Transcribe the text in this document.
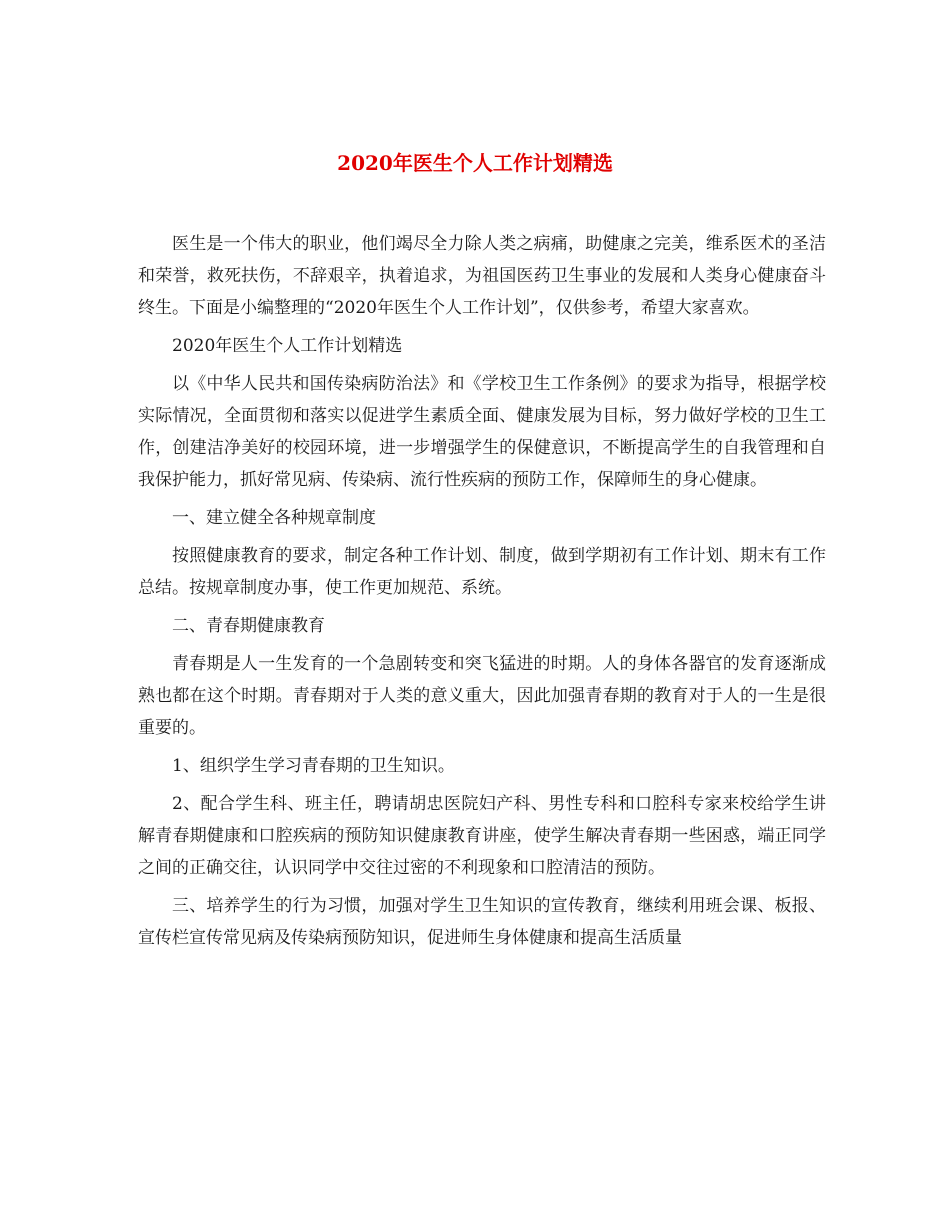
2020年医生个人工作计划精选

医生是一个伟大的职业，他们竭尽全力除人类之病痛，助健康之完美，维系医术的圣洁和荣誉，救死扶伤，不辞艰辛，执着追求，为祖国医药卫生事业的发展和人类身心健康奋斗终生。下面是小编整理的“2020年医生个人工作计划”，仅供参考，希望大家喜欢。

2020年医生个人工作计划精选

以《中华人民共和国传染病防治法》和《学校卫生工作条例》的要求为指导，根据学校实际情况，全面贯彻和落实以促进学生素质全面、健康发展为目标，努力做好学校的卫生工作，创建洁净美好的校园环境，进一步增强学生的保健意识，不断提高学生的自我管理和自我保护能力，抓好常见病、传染病、流行性疾病的预防工作，保障师生的身心健康。

一、建立健全各种规章制度

按照健康教育的要求，制定各种工作计划、制度，做到学期初有工作计划、期末有工作总结。按规章制度办事，使工作更加规范、系统。

二、青春期健康教育

青春期是人一生发育的一个急剧转变和突飞猛进的时期。人的身体各器官的发育逐渐成熟也都在这个时期。青春期对于人类的意义重大，因此加强青春期的教育对于人的一生是很重要的。

1、组织学生学习青春期的卫生知识。

2、配合学生科、班主任，聘请胡忠医院妇产科、男性专科和口腔科专家来校给学生讲解青春期健康和口腔疾病的预防知识健康教育讲座，使学生解决青春期一些困惑，端正同学之间的正确交往，认识同学中交往过密的不利现象和口腔清洁的预防。

三、培养学生的行为习惯，加强对学生卫生知识的宣传教育，继续利用班会课、板报、宣传栏宣传常见病及传染病预防知识，促进师生身体健康和提高生活质量
